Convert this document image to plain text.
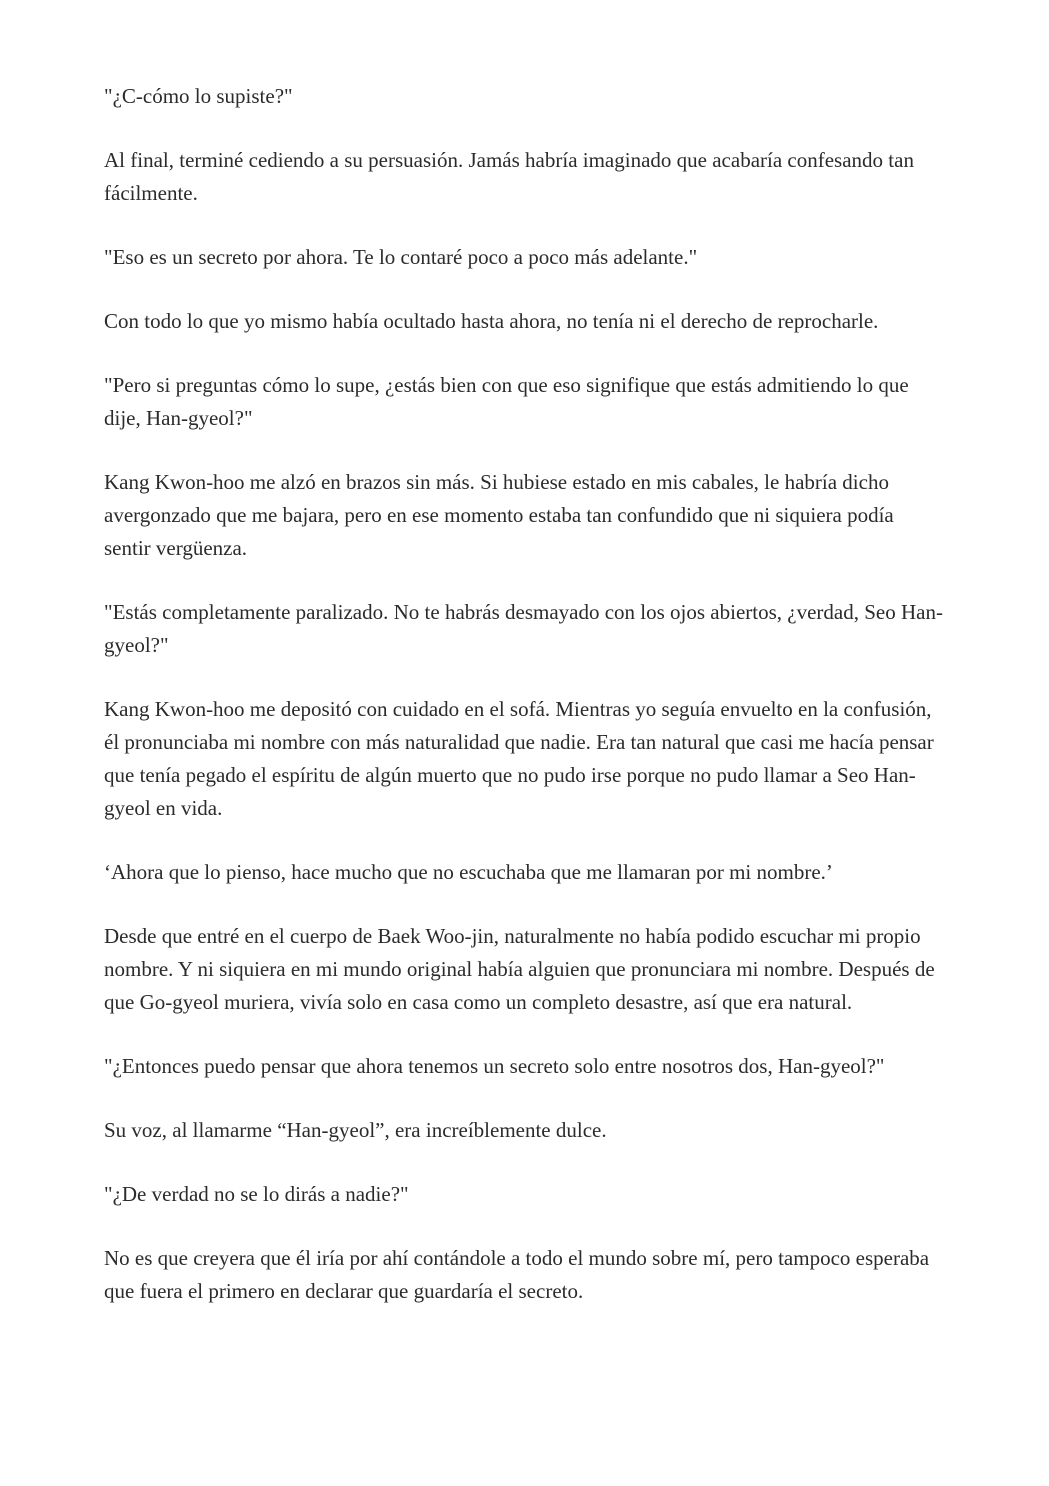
"¿C-cómo lo supiste?"

Al final, terminé cediendo a su persuasión. Jamás habría imaginado que acabaría confesando tan fácilmente.

"Eso es un secreto por ahora. Te lo contaré poco a poco más adelante."

Con todo lo que yo mismo había ocultado hasta ahora, no tenía ni el derecho de reprocharle.

"Pero si preguntas cómo lo supe, ¿estás bien con que eso signifique que estás admitiendo lo que dije, Han-gyeol?"

Kang Kwon-hoo me alzó en brazos sin más. Si hubiese estado en mis cabales, le habría dicho avergonzado que me bajara, pero en ese momento estaba tan confundido que ni siquiera podía sentir vergüenza.

"Estás completamente paralizado. No te habrás desmayado con los ojos abiertos, ¿verdad, Seo Han-gyeol?"

Kang Kwon-hoo me depositó con cuidado en el sofá. Mientras yo seguía envuelto en la confusión, él pronunciaba mi nombre con más naturalidad que nadie. Era tan natural que casi me hacía pensar que tenía pegado el espíritu de algún muerto que no pudo irse porque no pudo llamar a Seo Han-gyeol en vida.

‘Ahora que lo pienso, hace mucho que no escuchaba que me llamaran por mi nombre.’

Desde que entré en el cuerpo de Baek Woo-jin, naturalmente no había podido escuchar mi propio nombre. Y ni siquiera en mi mundo original había alguien que pronunciara mi nombre. Después de que Go-gyeol muriera, vivía solo en casa como un completo desastre, así que era natural.

"¿Entonces puedo pensar que ahora tenemos un secreto solo entre nosotros dos, Han-gyeol?"

Su voz, al llamarme “Han-gyeol”, era increíblemente dulce.

"¿De verdad no se lo dirás a nadie?"

No es que creyera que él iría por ahí contándole a todo el mundo sobre mí, pero tampoco esperaba que fuera el primero en declarar que guardaría el secreto.
